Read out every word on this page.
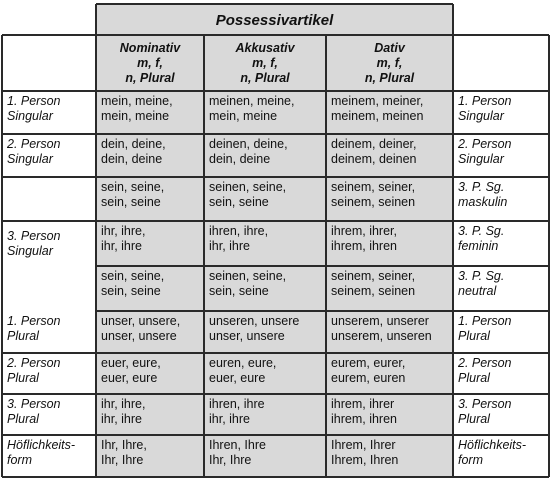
Possessivartikel
Nominativ
m, f,
n, Plural
Akkusativ
m, f,
n, Plural
Dativ
m, f,
n, Plural
1. Person
Singular
mein, meine,
mein, meine
meinen, meine,
mein, meine
meinem, meiner,
meinem, meinen
1. Person
Singular
2. Person
Singular
dein, deine,
dein, deine
deinen, deine,
dein, deine
deinem, deiner,
deinem, deinen
2. Person
Singular
3. Person
Singular
sein, seine,
sein, seine
seinen, seine,
sein, seine
seinem, seiner,
seinem, seinen
3. P. Sg.
maskulin
ihr, ihre,
ihr, ihre
ihren, ihre,
ihr, ihre
ihrem, ihrer,
ihrem, ihren
3. P. Sg.
feminin
sein, seine,
sein, seine
seinen, seine,
sein, seine
seinem, seiner,
seinem, seinen
3. P. Sg.
neutral
1. Person
Plural
unser, unsere,
unser, unsere
unseren, unsere
unser, unsere
unserem, unserer
unserem, unseren
1. Person
Plural
2. Person
Plural
euer, eure,
euer, eure
euren, eure,
euer, eure
eurem, eurer,
eurem, euren
2. Person
Plural
3. Person
Plural
ihr, ihre,
ihr, ihre
ihren, ihre
ihr, ihre
ihrem, ihrer
ihrem, ihren
3. Person
Plural
Höflichkeits-
form
Ihr, Ihre,
Ihr, Ihre
Ihren, Ihre
Ihr, Ihre
Ihrem, Ihrer
Ihrem, Ihren
Höflichkeits-
form
